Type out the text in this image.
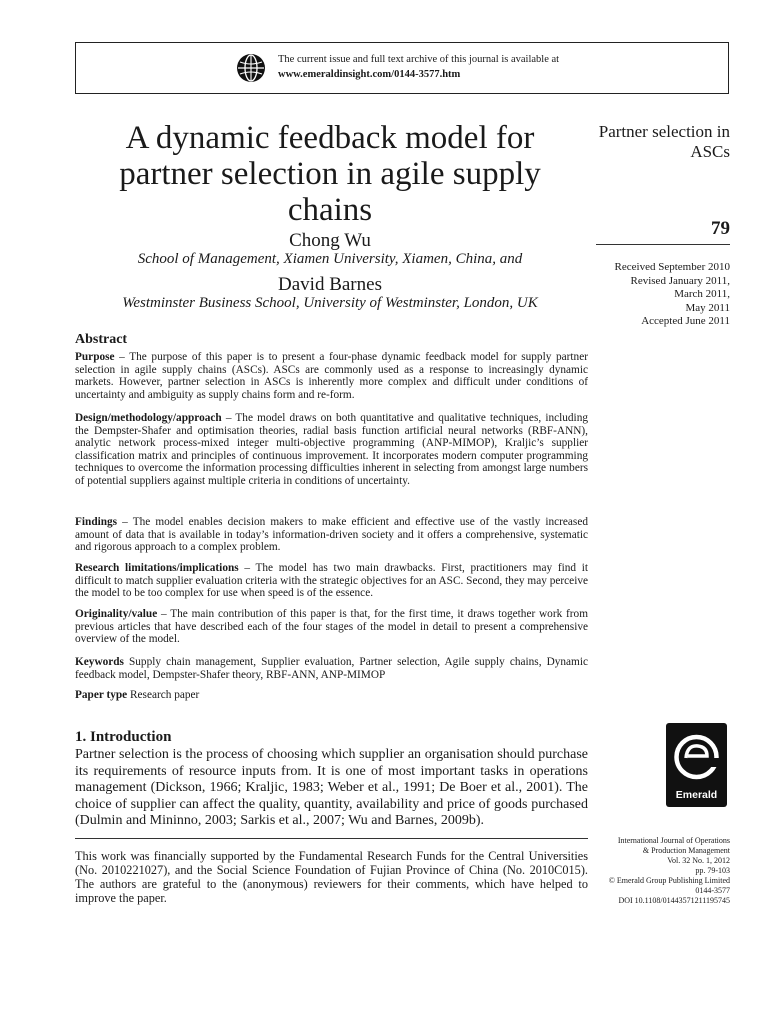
The current issue and full text archive of this journal is available at
www.emeraldinsight.com/0144-3577.htm
A dynamic feedback model for partner selection in agile supply chains
Chong Wu
School of Management, Xiamen University, Xiamen, China, and
David Barnes
Westminster Business School, University of Westminster, London, UK
Partner selection in ASCs
79
Received September 2010
Revised January 2011,
March 2011,
May 2011
Accepted June 2011
Abstract

Purpose – The purpose of this paper is to present a four-phase dynamic feedback model for supply partner selection in agile supply chains (ASCs). ASCs are commonly used as a response to increasingly dynamic markets. However, partner selection in ASCs is inherently more complex and difficult under conditions of uncertainty and ambiguity as supply chains form and re-form.

Design/methodology/approach – The model draws on both quantitative and qualitative techniques, including the Dempster-Shafer and optimisation theories, radial basis function artificial neural networks (RBF-ANN), analytic network process-mixed integer multi-objective programming (ANP-MIMOP), Kraljic’s supplier classification matrix and principles of continuous improvement. It incorporates modern computer programming techniques to overcome the information processing difficulties inherent in selecting from amongst large numbers of potential suppliers against multiple criteria in conditions of uncertainty.

Findings – The model enables decision makers to make efficient and effective use of the vastly increased amount of data that is available in today’s information-driven society and it offers a comprehensive, systematic and rigorous approach to a complex problem.

Research limitations/implications – The model has two main drawbacks. First, practitioners may find it difficult to match supplier evaluation criteria with the strategic objectives for an ASC. Second, they may perceive the model to be too complex for use when speed is of the essence.

Originality/value – The main contribution of this paper is that, for the first time, it draws together work from previous articles that have described each of the four stages of the model in detail to present a comprehensive overview of the model.

Keywords Supply chain management, Supplier evaluation, Partner selection, Agile supply chains, Dynamic feedback model, Dempster-Shafer theory, RBF-ANN, ANP-MIMOP

Paper type Research paper

1. Introduction

Partner selection is the process of choosing which supplier an organisation should purchase its requirements of resource inputs from. It is one of most important tasks in operations management (Dickson, 1966; Kraljic, 1983; Weber et al., 1991; De Boer et al., 2001). The choice of supplier can affect the quality, quantity, availability and price of goods purchased (Dulmin and Mininno, 2003; Sarkis et al., 2007; Wu and Barnes, 2009b).

This work was financially supported by the Fundamental Research Funds for the Central Universities (No. 2010221027), and the Social Science Foundation of Fujian Province of China (No. 2010C015). The authors are grateful to the (anonymous) reviewers for their comments, which have helped to improve the paper.

Emerald
International Journal of Operations
& Production Management
Vol. 32 No. 1, 2012
pp. 79-103
© Emerald Group Publishing Limited
0144-3577
DOI 10.1108/01443571211195745
